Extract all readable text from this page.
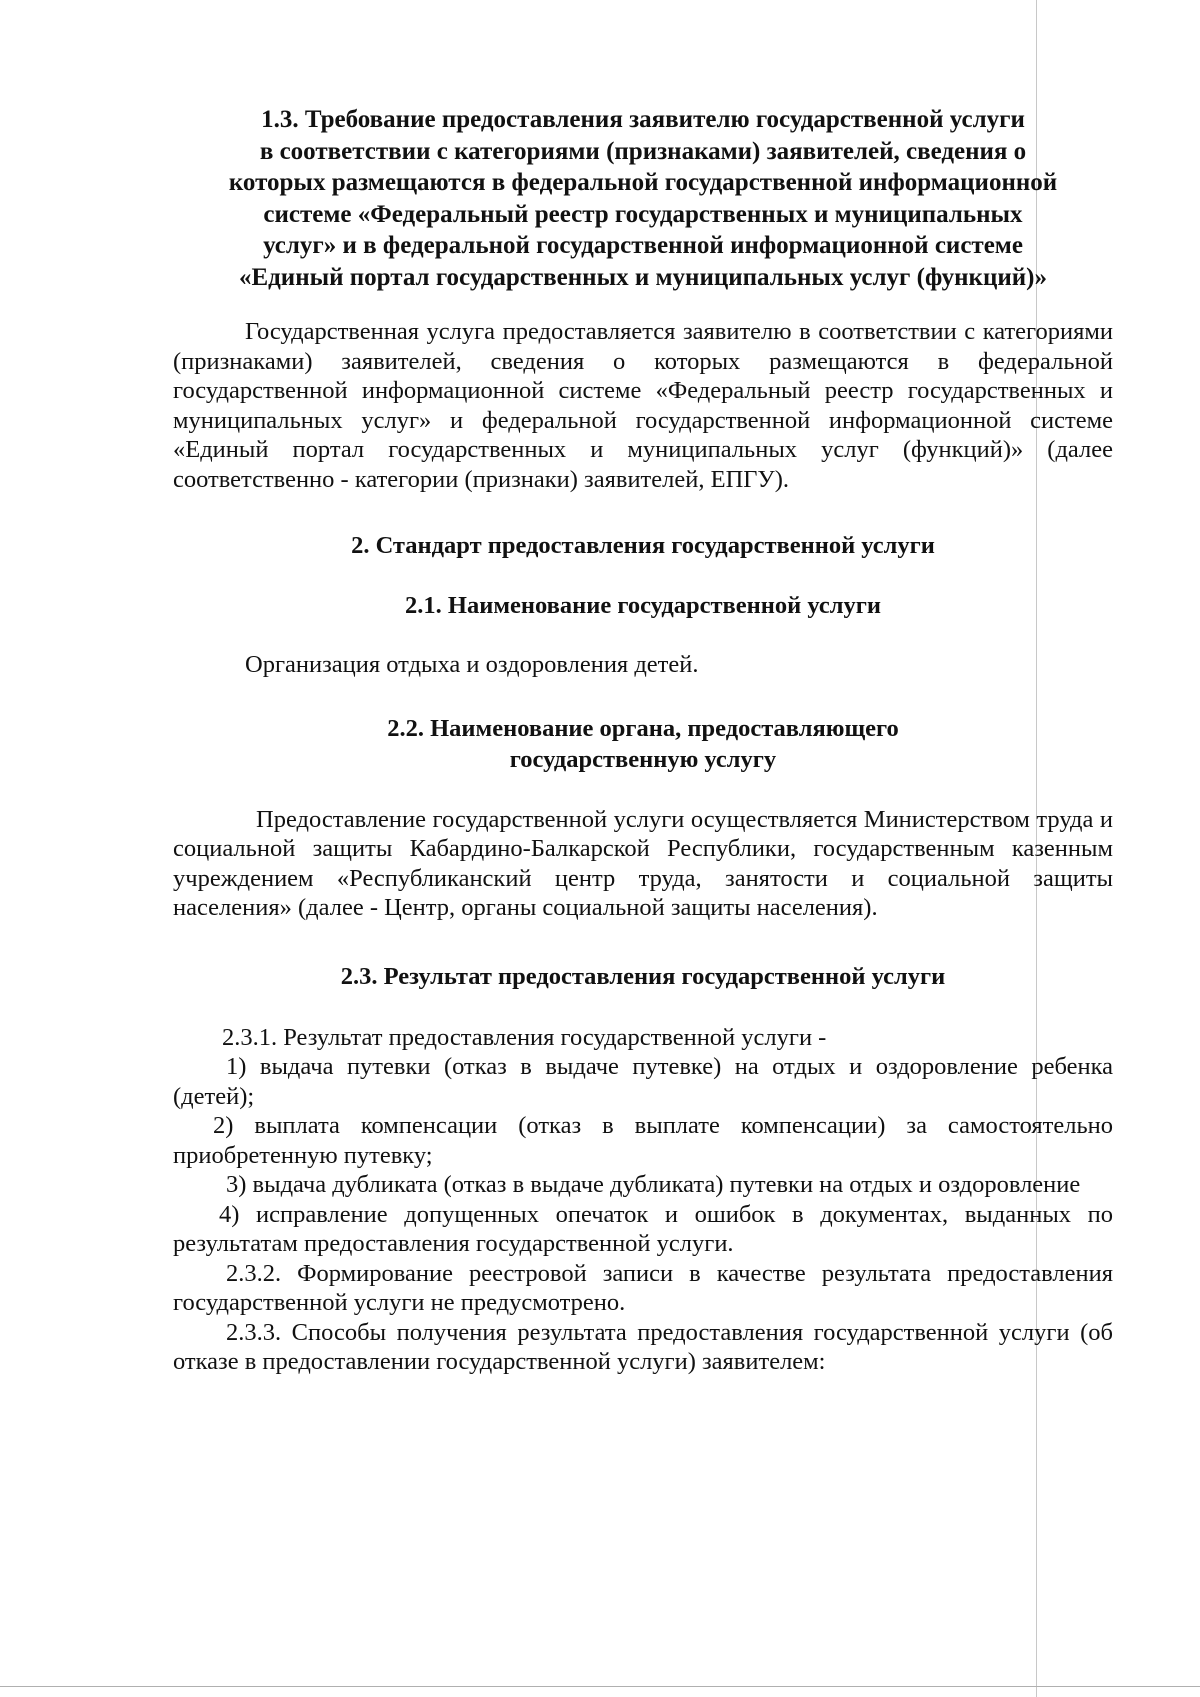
1.3. Требование предоставления заявителю государственной услуги
в соответствии с категориями (признаками) заявителей, сведения о
которых размещаются в федеральной государственной информационной
системе «Федеральный реестр государственных и муниципальных
услуг» и в федеральной государственной информационной системе
«Единый портал государственных и муниципальных услуг (функций)»

Государственная услуга предоставляется заявителю в соответствии с категориями (признаками) заявителей, сведения о которых размещаются в федеральной государственной информационной системе «Федеральный реестр государственных и муниципальных услуг» и федеральной государственной информационной системе «Единый портал государственных и муниципальных услуг (функций)» (далее соответственно - категории (признаки) заявителей, ЕПГУ).

2. Стандарт предоставления государственной услуги
2.1. Наименование государственной услуги

Организация отдыха и оздоровления детей.

2.2. Наименование органа, предоставляющего
государственную услугу

Предоставление государственной услуги осуществляется Министерством труда и социальной защиты Кабардино-Балкарской Республики, государственным казенным учреждением «Республиканский центр труда, занятости и социальной защиты населения» (далее - Центр, органы социальной защиты населения).

2.3. Результат предоставления государственной услуги

2.3.1. Результат предоставления государственной услуги -

1) выдача путевки (отказ в выдаче путевке) на отдых и оздоровление ребенка (детей);

2) выплата компенсации (отказ в выплате компенсации) за самостоятельно приобретенную путевку;

3) выдача дубликата (отказ в выдаче дубликата) путевки на отдых и оздоровление

4) исправление допущенных опечаток и ошибок в документах, выданных по результатам предоставления государственной услуги.

2.3.2. Формирование реестровой записи в качестве результата предоставления государственной услуги не предусмотрено.

2.3.3. Способы получения результата предоставления государственной услуги (об отказе в предоставлении государственной услуги) заявителем:
